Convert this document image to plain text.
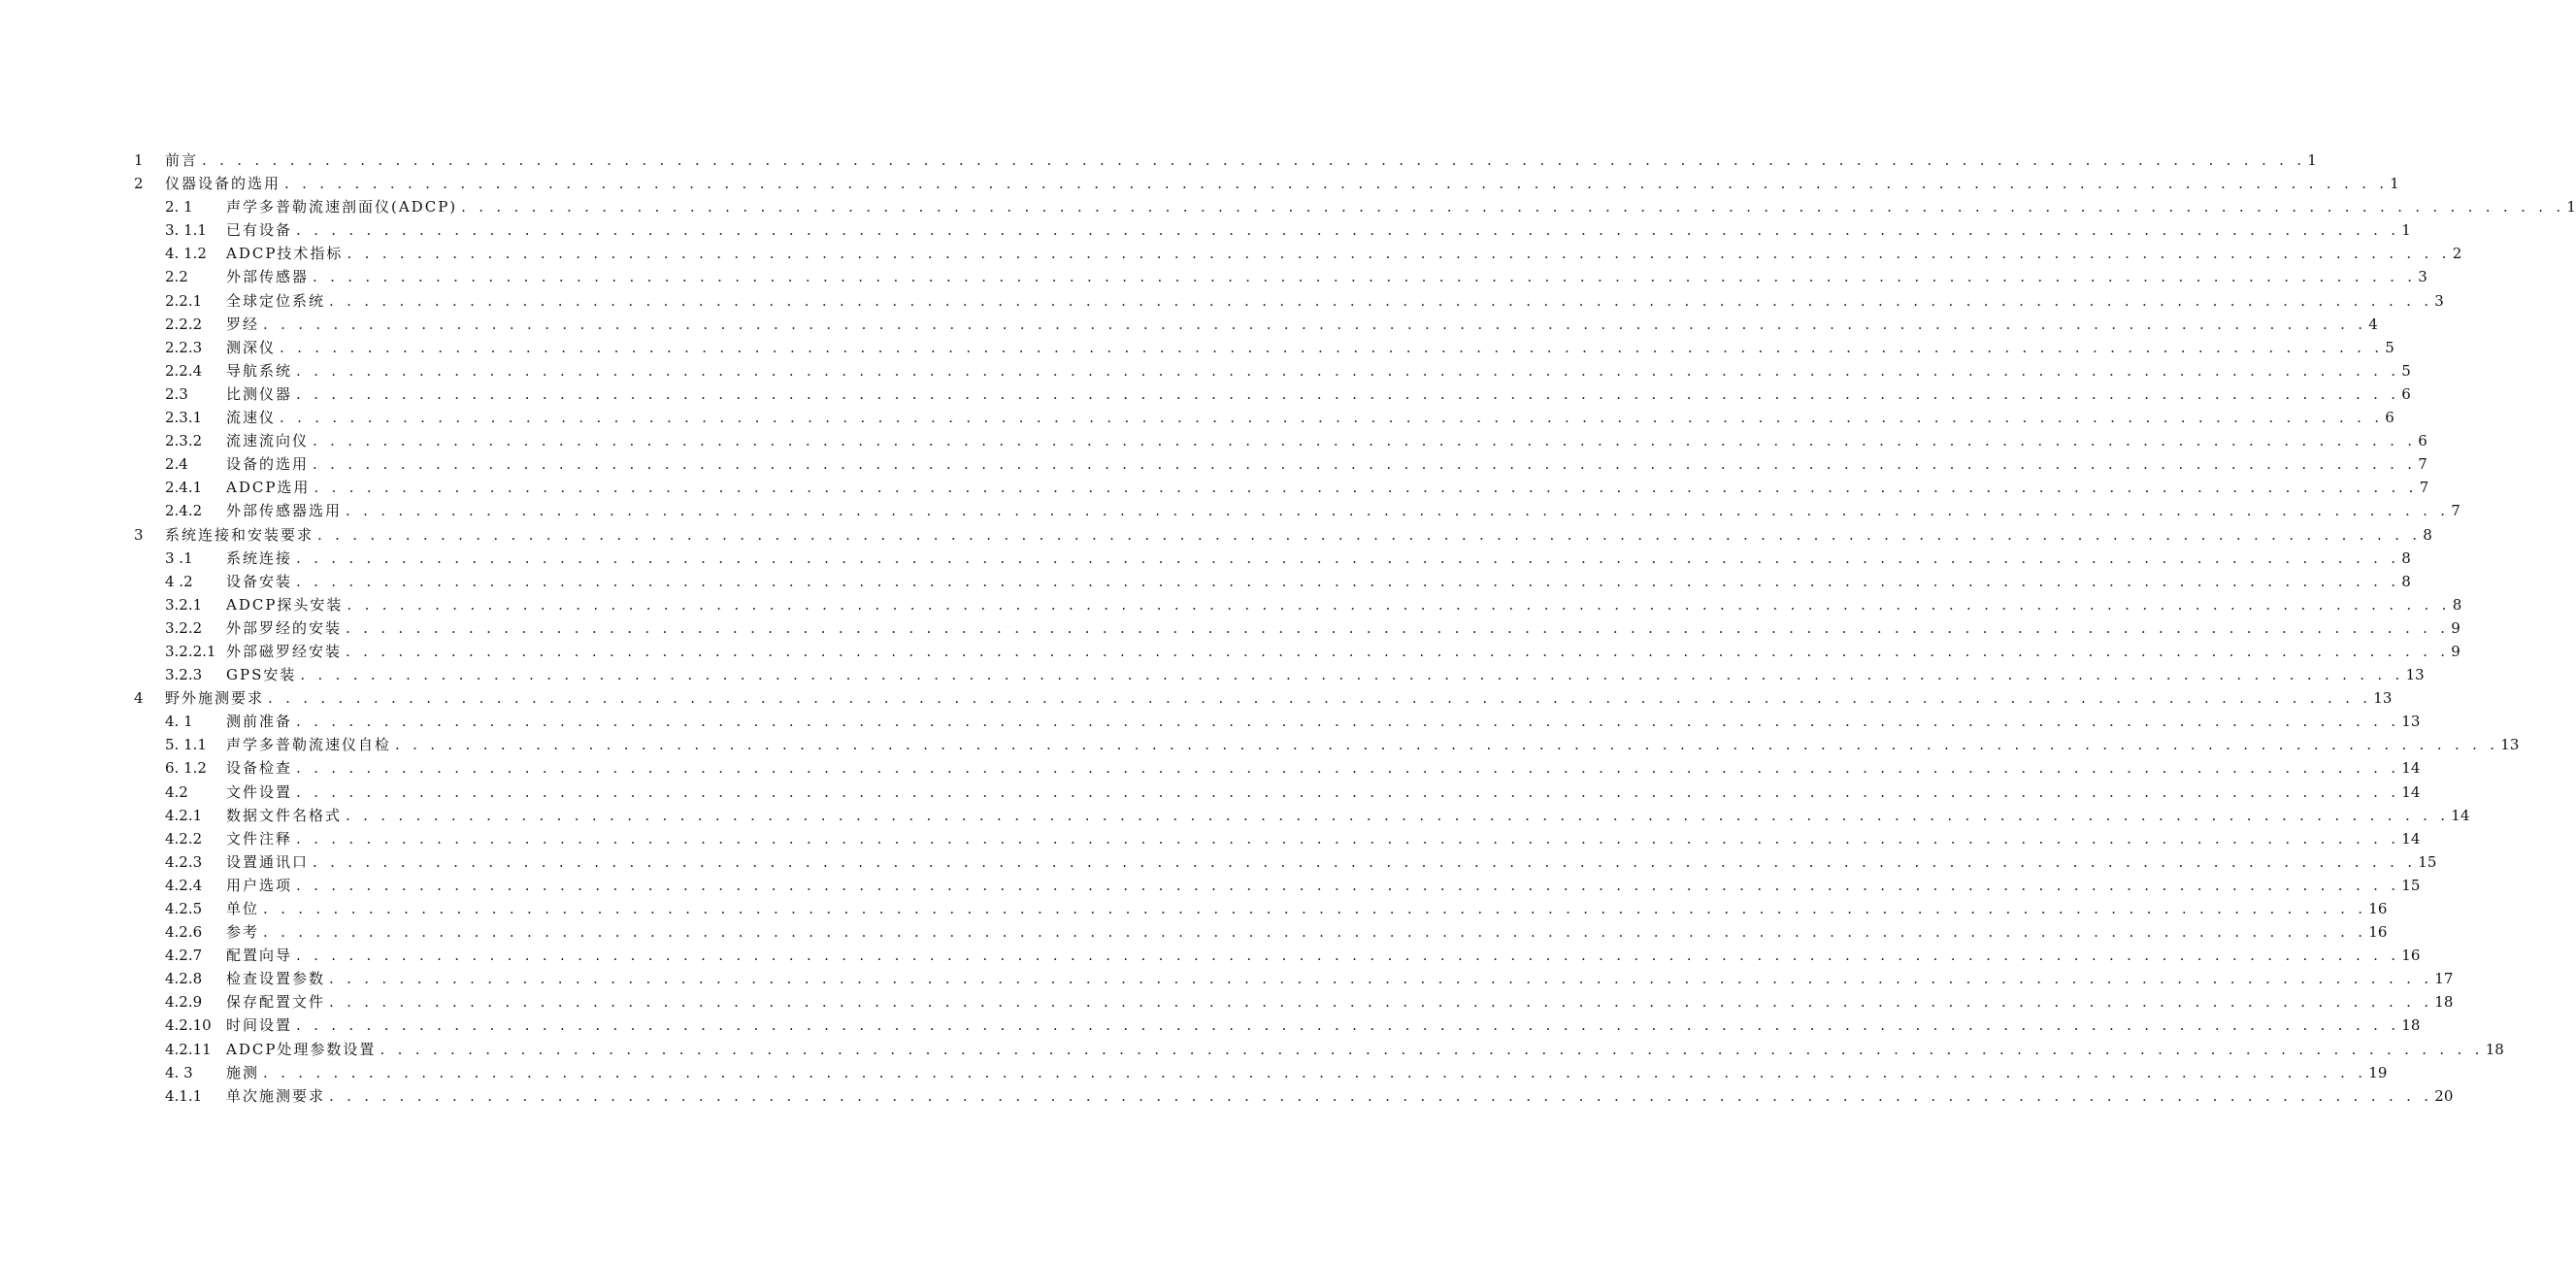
1 前言 . . . . . . . . . . . . . . . . . . . . . . . . . . . . . . . . . . . . . . . . . . . . . . . . . . . . . . . . . . . . . . . . . . . . . . . . . . . . . . . . . . . . . . . . . . . . . . . . . . . . . . . . . . . . . . . . . . . . . . . . 1
2 仪器设备的选用 . . . . . . . . . . . . . . . . . . . . . . . . . . . . . . . . . . . . . . . . . . . . . . . . . . . . . . . . . . . . . . . . . . . . . . . . . . . . . . . . . . . . . . . . . . . . . . . . . . . . . . . . . . . . . . . . . . . . . . . . 1
2. 1 声学多普勒流速剖面仪(ADCP) . . . . . . . . . . . . . . . . . . . . . . . . . . . . . . . . . . . . . . . . . . . . . . . . . . . . . . . . . . . . . . . . . . . . . . . . . . . . . . . . . . . . . . . . . . . . . . . . . . . . . . . . . . . . . . . . . . . . . . . . 1
3. 1.1 已有设备 . . . . . . . . . . . . . . . . . . . . . . . . . . . . . . . . . . . . . . . . . . . . . . . . . . . . . . . . . . . . . . . . . . . . . . . . . . . . . . . . . . . . . . . . . . . . . . . . . . . . . . . . . . . . . . . . . . . . . . . . 1
4. 1.2 ADCP技术指标 . . . . . . . . . . . . . . . . . . . . . . . . . . . . . . . . . . . . . . . . . . . . . . . . . . . . . . . . . . . . . . . . . . . . . . . . . . . . . . . . . . . . . . . . . . . . . . . . . . . . . . . . . . . . . . . . . . . . . . . . 2
2.2	外部传感器 . . . . . . . . . . . . . . . . . . . . . . . . . . . . . . . . . . . . . . . . . . . . . . . . . . . . . . . . . . . . . . . . . . . . . . . . . . . . . . . . . . . . . . . . . . . . . . . . . . . . . . . . . . . . . . . . . . . . . . . . 3
2.2.1 全球定位系统 . . . . . . . . . . . . . . . . . . . . . . . . . . . . . . . . . . . . . . . . . . . . . . . . . . . . . . . . . . . . . . . . . . . . . . . . . . . . . . . . . . . . . . . . . . . . . . . . . . . . . . . . . . . . . . . . . . . . . . . . 3
2.2.2 罗经 . . . . . . . . . . . . . . . . . . . . . . . . . . . . . . . . . . . . . . . . . . . . . . . . . . . . . . . . . . . . . . . . . . . . . . . . . . . . . . . . . . . . . . . . . . . . . . . . . . . . . . . . . . . . . . . . . . . . . . . . 4
2.2.3 测深仪 . . . . . . . . . . . . . . . . . . . . . . . . . . . . . . . . . . . . . . . . . . . . . . . . . . . . . . . . . . . . . . . . . . . . . . . . . . . . . . . . . . . . . . . . . . . . . . . . . . . . . . . . . . . . . . . . . . . . . . . . 5
2.2.4 导航系统 . . . . . . . . . . . . . . . . . . . . . . . . . . . . . . . . . . . . . . . . . . . . . . . . . . . . . . . . . . . . . . . . . . . . . . . . . . . . . . . . . . . . . . . . . . . . . . . . . . . . . . . . . . . . . . . . . . . . . . . . 5
2.3	比测仪器 . . . . . . . . . . . . . . . . . . . . . . . . . . . . . . . . . . . . . . . . . . . . . . . . . . . . . . . . . . . . . . . . . . . . . . . . . . . . . . . . . . . . . . . . . . . . . . . . . . . . . . . . . . . . . . . . . . . . . . . . 6
2.3.1 流速仪 . . . . . . . . . . . . . . . . . . . . . . . . . . . . . . . . . . . . . . . . . . . . . . . . . . . . . . . . . . . . . . . . . . . . . . . . . . . . . . . . . . . . . . . . . . . . . . . . . . . . . . . . . . . . . . . . . . . . . . . . 6
2.3.2 流速流向仪 . . . . . . . . . . . . . . . . . . . . . . . . . . . . . . . . . . . . . . . . . . . . . . . . . . . . . . . . . . . . . . . . . . . . . . . . . . . . . . . . . . . . . . . . . . . . . . . . . . . . . . . . . . . . . . . . . . . . . . . . 6
2.4	设备的选用 . . . . . . . . . . . . . . . . . . . . . . . . . . . . . . . . . . . . . . . . . . . . . . . . . . . . . . . . . . . . . . . . . . . . . . . . . . . . . . . . . . . . . . . . . . . . . . . . . . . . . . . . . . . . . . . . . . . . . . . . 7
2.4.1 ADCP选用 . . . . . . . . . . . . . . . . . . . . . . . . . . . . . . . . . . . . . . . . . . . . . . . . . . . . . . . . . . . . . . . . . . . . . . . . . . . . . . . . . . . . . . . . . . . . . . . . . . . . . . . . . . . . . . . . . . . . . . . . 7
2.4.2 外部传感器选用 . . . . . . . . . . . . . . . . . . . . . . . . . . . . . . . . . . . . . . . . . . . . . . . . . . . . . . . . . . . . . . . . . . . . . . . . . . . . . . . . . . . . . . . . . . . . . . . . . . . . . . . . . . . . . . . . . . . . . . . . 7
3 系统连接和安装要求 . . . . . . . . . . . . . . . . . . . . . . . . . . . . . . . . . . . . . . . . . . . . . . . . . . . . . . . . . . . . . . . . . . . . . . . . . . . . . . . . . . . . . . . . . . . . . . . . . . . . . . . . . . . . . . . . . . . . . . . . 8
3 .1 系统连接 . . . . . . . . . . . . . . . . . . . . . . . . . . . . . . . . . . . . . . . . . . . . . . . . . . . . . . . . . . . . . . . . . . . . . . . . . . . . . . . . . . . . . . . . . . . . . . . . . . . . . . . . . . . . . . . . . . . . . . . . 8
4 .2 设备安装 . . . . . . . . . . . . . . . . . . . . . . . . . . . . . . . . . . . . . . . . . . . . . . . . . . . . . . . . . . . . . . . . . . . . . . . . . . . . . . . . . . . . . . . . . . . . . . . . . . . . . . . . . . . . . . . . . . . . . . . . 8
3.2.1 ADCP探头安装 . . . . . . . . . . . . . . . . . . . . . . . . . . . . . . . . . . . . . . . . . . . . . . . . . . . . . . . . . . . . . . . . . . . . . . . . . . . . . . . . . . . . . . . . . . . . . . . . . . . . . . . . . . . . . . . . . . . . . . . . 8
3.2.2 外部罗经的安装 . . . . . . . . . . . . . . . . . . . . . . . . . . . . . . . . . . . . . . . . . . . . . . . . . . . . . . . . . . . . . . . . . . . . . . . . . . . . . . . . . . . . . . . . . . . . . . . . . . . . . . . . . . . . . . . . . . . . . . . . 9
3.2.2.1 外部磁罗经安装 . . . . . . . . . . . . . . . . . . . . . . . . . . . . . . . . . . . . . . . . . . . . . . . . . . . . . . . . . . . . . . . . . . . . . . . . . . . . . . . . . . . . . . . . . . . . . . . . . . . . . . . . . . . . . . . . . . . . . . . . 9
3.2.3 GPS安装 . . . . . . . . . . . . . . . . . . . . . . . . . . . . . . . . . . . . . . . . . . . . . . . . . . . . . . . . . . . . . . . . . . . . . . . . . . . . . . . . . . . . . . . . . . . . . . . . . . . . . . . . . . . . . . . . . . . . . . . . 13
4 野外施测要求 . . . . . . . . . . . . . . . . . . . . . . . . . . . . . . . . . . . . . . . . . . . . . . . . . . . . . . . . . . . . . . . . . . . . . . . . . . . . . . . . . . . . . . . . . . . . . . . . . . . . . . . . . . . . . . . . . . . . . . . . 13
4. 1 测前准备 . . . . . . . . . . . . . . . . . . . . . . . . . . . . . . . . . . . . . . . . . . . . . . . . . . . . . . . . . . . . . . . . . . . . . . . . . . . . . . . . . . . . . . . . . . . . . . . . . . . . . . . . . . . . . . . . . . . . . . . . 13
5. 1.1 声学多普勒流速仪自检 . . . . . . . . . . . . . . . . . . . . . . . . . . . . . . . . . . . . . . . . . . . . . . . . . . . . . . . . . . . . . . . . . . . . . . . . . . . . . . . . . . . . . . . . . . . . . . . . . . . . . . . . . . . . . . . . . . . . . . . . 13
6. 1.2 设备检查 . . . . . . . . . . . . . . . . . . . . . . . . . . . . . . . . . . . . . . . . . . . . . . . . . . . . . . . . . . . . . . . . . . . . . . . . . . . . . . . . . . . . . . . . . . . . . . . . . . . . . . . . . . . . . . . . . . . . . . . . 14
4.2	文件设置 . . . . . . . . . . . . . . . . . . . . . . . . . . . . . . . . . . . . . . . . . . . . . . . . . . . . . . . . . . . . . . . . . . . . . . . . . . . . . . . . . . . . . . . . . . . . . . . . . . . . . . . . . . . . . . . . . . . . . . . . 14
4.2.1 数据文件名格式 . . . . . . . . . . . . . . . . . . . . . . . . . . . . . . . . . . . . . . . . . . . . . . . . . . . . . . . . . . . . . . . . . . . . . . . . . . . . . . . . . . . . . . . . . . . . . . . . . . . . . . . . . . . . . . . . . . . . . . . . 14
4.2.2 文件注释 . . . . . . . . . . . . . . . . . . . . . . . . . . . . . . . . . . . . . . . . . . . . . . . . . . . . . . . . . . . . . . . . . . . . . . . . . . . . . . . . . . . . . . . . . . . . . . . . . . . . . . . . . . . . . . . . . . . . . . . . 14
4.2.3 设置通讯口 . . . . . . . . . . . . . . . . . . . . . . . . . . . . . . . . . . . . . . . . . . . . . . . . . . . . . . . . . . . . . . . . . . . . . . . . . . . . . . . . . . . . . . . . . . . . . . . . . . . . . . . . . . . . . . . . . . . . . . . . 15
4.2.4 用户选项 . . . . . . . . . . . . . . . . . . . . . . . . . . . . . . . . . . . . . . . . . . . . . . . . . . . . . . . . . . . . . . . . . . . . . . . . . . . . . . . . . . . . . . . . . . . . . . . . . . . . . . . . . . . . . . . . . . . . . . . . 15
4.2.5 单位 . . . . . . . . . . . . . . . . . . . . . . . . . . . . . . . . . . . . . . . . . . . . . . . . . . . . . . . . . . . . . . . . . . . . . . . . . . . . . . . . . . . . . . . . . . . . . . . . . . . . . . . . . . . . . . . . . . . . . . . . 16
4.2.6 参考 . . . . . . . . . . . . . . . . . . . . . . . . . . . . . . . . . . . . . . . . . . . . . . . . . . . . . . . . . . . . . . . . . . . . . . . . . . . . . . . . . . . . . . . . . . . . . . . . . . . . . . . . . . . . . . . . . . . . . . . . 16
4.2.7 配置向导 . . . . . . . . . . . . . . . . . . . . . . . . . . . . . . . . . . . . . . . . . . . . . . . . . . . . . . . . . . . . . . . . . . . . . . . . . . . . . . . . . . . . . . . . . . . . . . . . . . . . . . . . . . . . . . . . . . . . . . . . 16
4.2.8 检查设置参数 . . . . . . . . . . . . . . . . . . . . . . . . . . . . . . . . . . . . . . . . . . . . . . . . . . . . . . . . . . . . . . . . . . . . . . . . . . . . . . . . . . . . . . . . . . . . . . . . . . . . . . . . . . . . . . . . . . . . . . . . 17
4.2.9 保存配置文件 . . . . . . . . . . . . . . . . . . . . . . . . . . . . . . . . . . . . . . . . . . . . . . . . . . . . . . . . . . . . . . . . . . . . . . . . . . . . . . . . . . . . . . . . . . . . . . . . . . . . . . . . . . . . . . . . . . . . . . . . 18
4.2.10 时间设置 . . . . . . . . . . . . . . . . . . . . . . . . . . . . . . . . . . . . . . . . . . . . . . . . . . . . . . . . . . . . . . . . . . . . . . . . . . . . . . . . . . . . . . . . . . . . . . . . . . . . . . . . . . . . . . . . . . . . . . . . 18
4.2.11 ADCP处理参数设置 . . . . . . . . . . . . . . . . . . . . . . . . . . . . . . . . . . . . . . . . . . . . . . . . . . . . . . . . . . . . . . . . . . . . . . . . . . . . . . . . . . . . . . . . . . . . . . . . . . . . . . . . . . . . . . . . . . . . . . . . 18
4. 3 施测 . . . . . . . . . . . . . . . . . . . . . . . . . . . . . . . . . . . . . . . . . . . . . . . . . . . . . . . . . . . . . . . . . . . . . . . . . . . . . . . . . . . . . . . . . . . . . . . . . . . . . . . . . . . . . . . . . . . . . . . . 19
4.1.1 单次施测要求 . . . . . . . . . . . . . . . . . . . . . . . . . . . . . . . . . . . . . . . . . . . . . . . . . . . . . . . . . . . . . . . . . . . . . . . . . . . . . . . . . . . . . . . . . . . . . . . . . . . . . . . . . . . . . . . . . . . . . . . . 20
